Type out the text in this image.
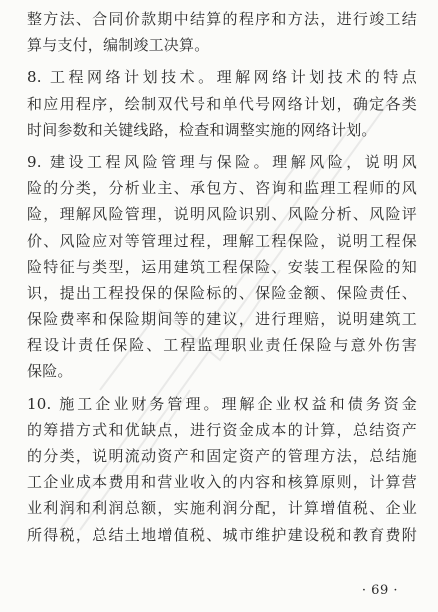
整方法、合同价款期中结算的程序和方法，进行竣工结
算与支付，编制竣工决算。
8. 工程网络计划技术。理解网络计划技术的特点
和应用程序，绘制双代号和单代号网络计划，确定各类
时间参数和关键线路，检查和调整实施的网络计划。
9. 建设工程风险管理与保险。理解风险，说明风
险的分类，分析业主、承包方、咨询和监理工程师的风
险，理解风险管理，说明风险识别、风险分析、风险评
价、风险应对等管理过程，理解工程保险，说明工程保
险特征与类型，运用建筑工程保险、安装工程保险的知
识，提出工程投保的保险标的、保险金额、保险责任、
保险费率和保险期间等的建议，进行理赔，说明建筑工
程设计责任保险、工程监理职业责任保险与意外伤害
保险。
10. 施工企业财务管理。理解企业权益和债务资金
的筹措方式和优缺点，进行资金成本的计算，总结资产
的分类，说明流动资产和固定资产的管理方法，总结施
工企业成本费用和营业收入的内容和核算原则，计算营
业利润和利润总额，实施利润分配，计算增值税、企业
所得税，总结土地增值税、城市维护建设税和教育费附
· 69 ·
